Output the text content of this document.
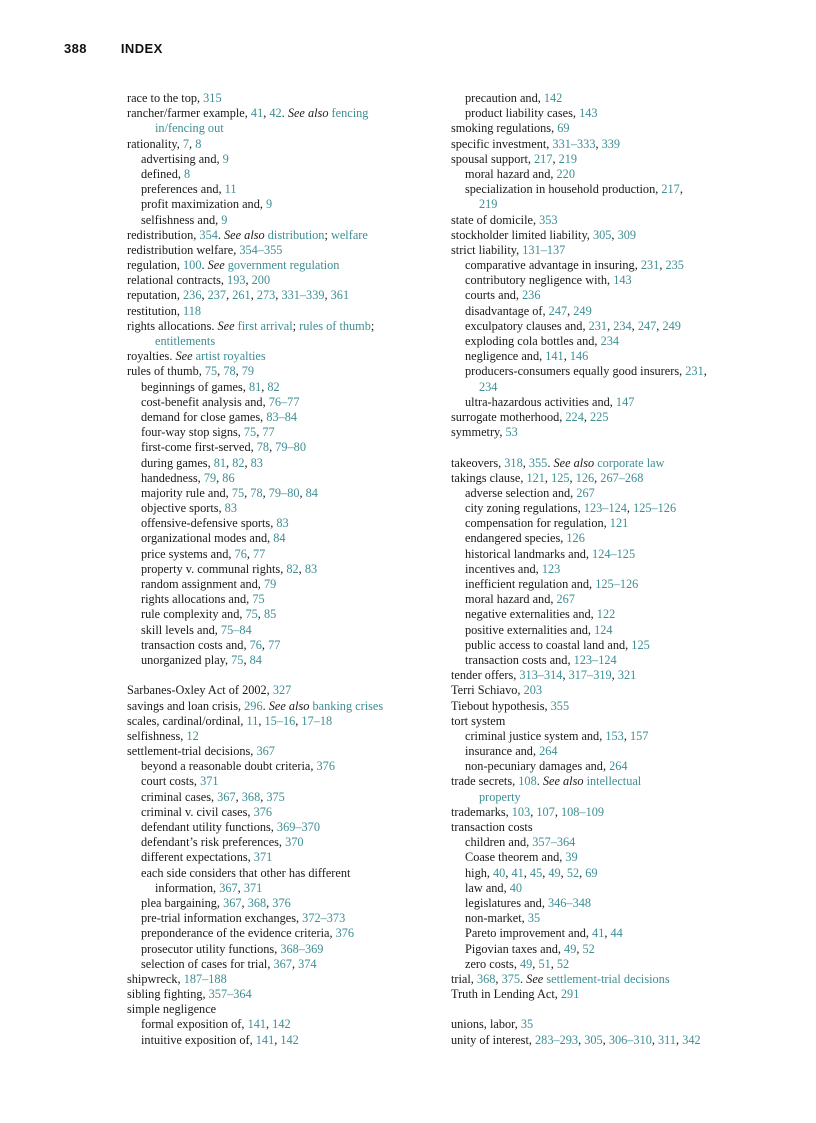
388	INDEX
race to the top, 315
rancher/farmer example, 41, 42. See also fencing
in/fencing out
rationality, 7, 8
advertising and, 9
defined, 8
preferences and, 11
profit maximization and, 9
selfishness and, 9
redistribution, 354. See also distribution; welfare
redistribution welfare, 354–355
regulation, 100. See government regulation
relational contracts, 193, 200
reputation, 236, 237, 261, 273, 331–339, 361
restitution, 118
rights allocations. See first arrival; rules of thumb;
entitlements
royalties. See artist royalties
rules of thumb, 75, 78, 79
beginnings of games, 81, 82
cost-benefit analysis and, 76–77
demand for close games, 83–84
four-way stop signs, 75, 77
first-come first-served, 78, 79–80
during games, 81, 82, 83
handedness, 79, 86
majority rule and, 75, 78, 79–80, 84
objective sports, 83
offensive-defensive sports, 83
organizational modes and, 84
price systems and, 76, 77
property v. communal rights, 82, 83
random assignment and, 79
rights allocations and, 75
rule complexity and, 75, 85
skill levels and, 75–84
transaction costs and, 76, 77
unorganized play, 75, 84
Sarbanes-Oxley Act of 2002, 327
savings and loan crisis, 296. See also banking crises
scales, cardinal/ordinal, 11, 15–16, 17–18
selfishness, 12
settlement-trial decisions, 367
beyond a reasonable doubt criteria, 376
court costs, 371
criminal cases, 367, 368, 375
criminal v. civil cases, 376
defendant utility functions, 369–370
defendant’s risk preferences, 370
different expectations, 371
each side considers that other has different
information, 367, 371
plea bargaining, 367, 368, 376
pre-trial information exchanges, 372–373
preponderance of the evidence criteria, 376
prosecutor utility functions, 368–369
selection of cases for trial, 367, 374
shipwreck, 187–188
sibling fighting, 357–364
simple negligence
formal exposition of, 141, 142
intuitive exposition of, 141, 142
precaution and, 142
product liability cases, 143
smoking regulations, 69
specific investment, 331–333, 339
spousal support, 217, 219
moral hazard and, 220
specialization in household production, 217,
219
state of domicile, 353
stockholder limited liability, 305, 309
strict liability, 131–137
comparative advantage in insuring, 231, 235
contributory negligence with, 143
courts and, 236
disadvantage of, 247, 249
exculpatory clauses and, 231, 234, 247, 249
exploding cola bottles and, 234
negligence and, 141, 146
producers-consumers equally good insurers, 231,
234
ultra-hazardous activities and, 147
surrogate motherhood, 224, 225
symmetry, 53
takeovers, 318, 355. See also corporate law
takings clause, 121, 125, 126, 267–268
adverse selection and, 267
city zoning regulations, 123–124, 125–126
compensation for regulation, 121
endangered species, 126
historical landmarks and, 124–125
incentives and, 123
inefficient regulation and, 125–126
moral hazard and, 267
negative externalities and, 122
positive externalities and, 124
public access to coastal land and, 125
transaction costs and, 123–124
tender offers, 313–314, 317–319, 321
Terri Schiavo, 203
Tiebout hypothesis, 355
tort system
criminal justice system and, 153, 157
insurance and, 264
non-pecuniary damages and, 264
trade secrets, 108. See also intellectual
property
trademarks, 103, 107, 108–109
transaction costs
children and, 357–364
Coase theorem and, 39
high, 40, 41, 45, 49, 52, 69
law and, 40
legislatures and, 346–348
non-market, 35
Pareto improvement and, 41, 44
Pigovian taxes and, 49, 52
zero costs, 49, 51, 52
trial, 368, 375. See settlement-trial decisions
Truth in Lending Act, 291
unions, labor, 35
unity of interest, 283–293, 305, 306–310, 311, 342
